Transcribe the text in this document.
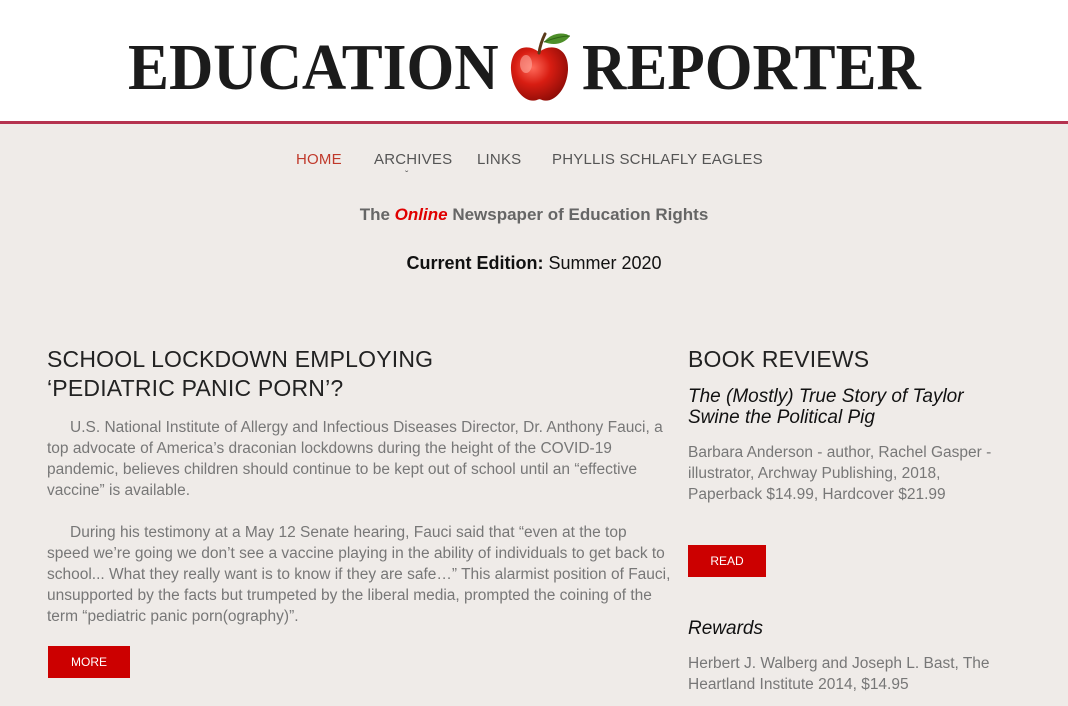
EDUCATION REPORTER
HOME ARCHIVES
ˇ
LINKS PHYLLIS SCHLAFLY EAGLES
The Online Newspaper of Education Rights
Current Edition: Summer 2020
SCHOOL LOCKDOWN EMPLOYING
‘PEDIATRIC PANIC PORN’?

U.S. National Institute of Allergy and Infectious Diseases Director, Dr. Anthony Fauci, a top advocate of America’s draconian lockdowns during the height of the COVID-19 pandemic, believes children should continue to be kept out of school until an “effective vaccine” is available.

During his testimony at a May 12 Senate hearing, Fauci said that “even at the top speed we’re going we don’t see a vaccine playing in the ability of individuals to get back to school... What they really want is to know if they are safe…” This alarmist position of Fauci, unsupported by the facts but trumpeted by the liberal media, prompted the coining of the term “pediatric panic porn(ography)”.

MORE
BOOK REVIEWS
The (Mostly) True Story of Taylor Swine the Political Pig
Barbara Anderson - author, Rachel Gasper - illustrator, Archway Publishing, 2018, Paperback $14.99, Hardcover $21.99
READ
Rewards
Herbert J. Walberg and Joseph L. Bast, The Heartland Institute 2014, $14.95
